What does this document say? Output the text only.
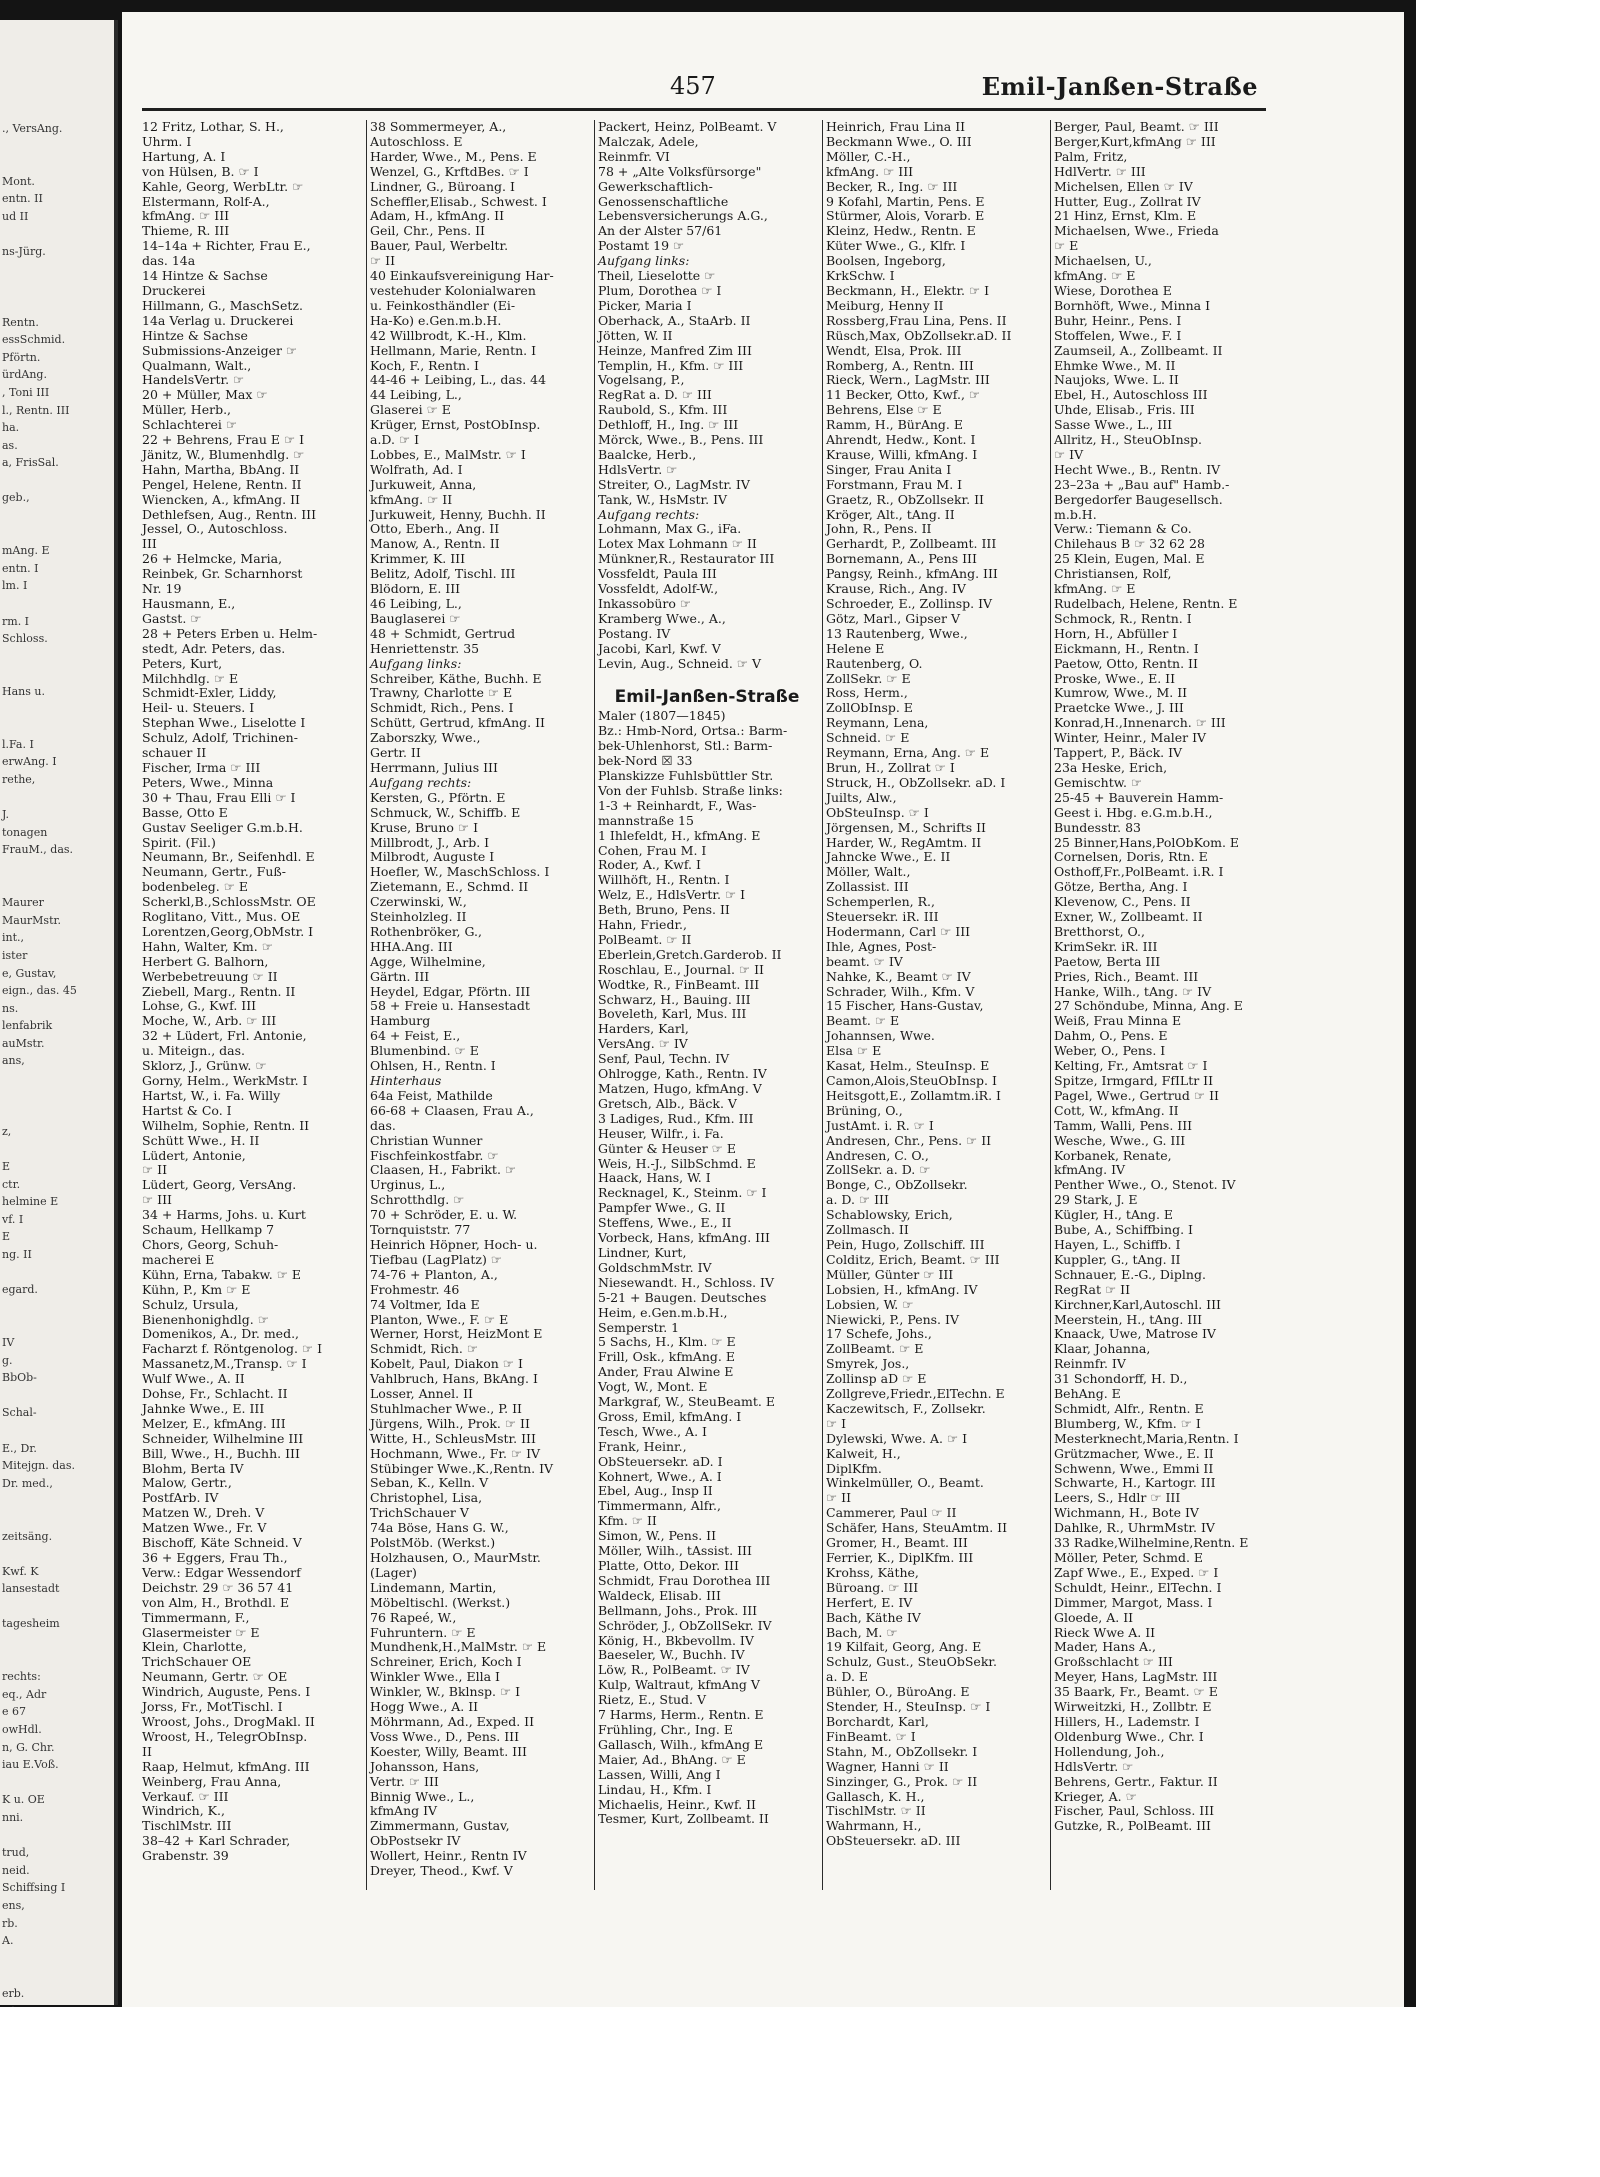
., VersAng.

Mont.
entn. II
ud II

ns-Jürg.

Rentn.
essSchmid.
Pförtn.
ürdAng.
, Toni III
l., Rentn. III
ha.
as.
a, FrisSal.

geb.,

mAng. E
entn. I
lm. I

rm. I
Schloss.

Hans u.

l.Fa. I
erwAng. I
rethe,

J.
tonagen
FrauM., das.

Maurer
MaurMstr.
int.,
ister
e, Gustav,
eign., das. 45
ns.
lenfabrik
auMstr.
ans,

z,

E
ctr.
helmine E
vf. I
E
ng. II

egard.

IV
g.
BbOb-

Schal-

E., Dr.
Mitejgn. das.
Dr. med.,

zeitsäng.

Kwf. K
lansestadt

tagesheim

rechts:
eq., Adr
e 67
owHdl.
n, G. Chr.
iau E.Voß.

K u. OE
nni.

trud,
neid.
Schiffsing I
ens,
rb.
A.

erb.

457	Emil-Janßen-Straße
12 Fritz, Lothar, S. H.,
Uhrm. I
Hartung, A. I
von Hülsen, B. ☞ I
Kahle, Georg, WerbLtr. ☞
Elstermann, Rolf-A.,
kfmAng. ☞ III
Thieme, R. III
14–14a + Richter, Frau E.,
das. 14a
14 Hintze & Sachse
Druckerei
Hillmann, G., MaschSetz.
14a Verlag u. Druckerei
Hintze & Sachse
Submissions-Anzeiger ☞
Qualmann, Walt.,
HandelsVertr. ☞
20 + Müller, Max ☞
Müller, Herb.,
Schlachterei ☞
22 + Behrens, Frau E ☞ I
Jänitz, W., Blumenhdlg. ☞
Hahn, Martha, BbAng. II
Pengel, Helene, Rentn. II
Wiencken, A., kfmAng. II
Dethlefsen, Aug., Rentn. III
Jessel, O., Autoschloss.
III
26 + Helmcke, Maria,
Reinbek, Gr. Scharnhorst
Nr. 19
Hausmann, E.,
Gastst. ☞
28 + Peters Erben u. Helm-
stedt, Adr. Peters, das.
Peters, Kurt,
Milchhdlg. ☞ E
Schmidt-Exler, Liddy,
Heil- u. Steuers. I
Stephan Wwe., Liselotte I
Schulz, Adolf, Trichinen-
schauer II
Fischer, Irma ☞ III
Peters, Wwe., Minna
30 + Thau, Frau Elli ☞ I
Basse, Otto E
Gustav Seeliger G.m.b.H.
Spirit. (Fil.)
Neumann, Br., Seifenhdl. E
Neumann, Gertr., Fuß-
bodenbeleg. ☞ E
Scherkl,B.,SchlossMstr. OE
Roglitano, Vitt., Mus. OE
Lorentzen,Georg,ObMstr. I
Hahn, Walter, Km. ☞
Herbert G. Balhorn,
Werbebetreuung ☞ II
Ziebell, Marg., Rentn. II
Lohse, G., Kwf. III
Moche, W., Arb. ☞ III
32 + Lüdert, Frl. Antonie,
u. Miteign., das.
Sklorz, J., Grünw. ☞
Gorny, Helm., WerkMstr. I
Hartst, W., i. Fa. Willy
Hartst & Co. I
Wilhelm, Sophie, Rentn. II
Schütt Wwe., H. II
Lüdert, Antonie,
☞ II
Lüdert, Georg, VersAng.
☞ III
34 + Harms, Johs. u. Kurt
Schaum, Hellkamp 7
Chors, Georg, Schuh-
macherei E
Kühn, Erna, Tabakw. ☞ E
Kühn, P., Km ☞ E
Schulz, Ursula,
Bienenhonighdlg. ☞
Domenikos, A., Dr. med.,
Facharzt f. Röntgenolog. ☞ I
Massanetz,M.,Transp. ☞ I
Wulf Wwe., A. II
Dohse, Fr., Schlacht. II
Jahnke Wwe., E. III
Melzer, E., kfmAng. III
Schneider, Wilhelmine III
Bill, Wwe., H., Buchh. III
Blohm, Berta IV
Malow, Gertr.,
PostfArb. IV
Matzen W., Dreh. V
Matzen Wwe., Fr. V
Bischoff, Käte Schneid. V
36 + Eggers, Frau Th.,
Verw.: Edgar Wessendorf
Deichstr. 29 ☞ 36 57 41
von Alm, H., Brothdl. E
Timmermann, F.,
Glasermeister ☞ E
Klein, Charlotte,
TrichSchauer OE
Neumann, Gertr. ☞ OE
Windrich, Auguste, Pens. I
Jorss, Fr., MotTischl. I
Wroost, Johs., DrogMakl. II
Wroost, H., TelegrObInsp.
II
Raap, Helmut, kfmAng. III
Weinberg, Frau Anna,
Verkauf. ☞ III
Windrich, K.,
TischlMstr. III
38–42 + Karl Schrader,
Grabenstr. 39
38 Sommermeyer, A.,
Autoschloss. E
Harder, Wwe., M., Pens. E
Wenzel, G., KrftdBes. ☞ I
Lindner, G., Büroang. I
Scheffler,Elisab., Schwest. I
Adam, H., kfmAng. II
Geil, Chr., Pens. II
Bauer, Paul, Werbeltr.
☞ II
40 Einkaufsvereinigung Har-
vestehuder Kolonialwaren
u. Feinkosthändler (Ei-
Ha-Ko) e.Gen.m.b.H.
42 Willbrodt, K.-H., Klm.
Hellmann, Marie, Rentn. I
Koch, F., Rentn. I
44-46 + Leibing, L., das. 44
44 Leibing, L.,
Glaserei ☞ E
Krüger, Ernst, PostObInsp.
a.D. ☞ I
Lobbes, E., MalMstr. ☞ I
Wolfrath, Ad. I
Jurkuweit, Anna,
kfmAng. ☞ II
Jurkuweit, Henny, Buchh. II
Otto, Eberh., Ang. II
Manow, A., Rentn. II
Krimmer, K. III
Belitz, Adolf, Tischl. III
Blödorn, E. III
46 Leibing, L.,
Bauglaserei ☞
48 + Schmidt, Gertrud
Henriettenstr. 35
Aufgang links:
Schreiber, Käthe, Buchh. E
Trawny, Charlotte ☞ E
Schmidt, Rich., Pens. I
Schütt, Gertrud, kfmAng. II
Zaborszky, Wwe.,
Gertr. II
Herrmann, Julius III
Aufgang rechts:
Kersten, G., Pförtn. E
Schmuck, W., Schiffb. E
Kruse, Bruno ☞ I
Millbrodt, J., Arb. I
Milbrodt, Auguste I
Hoefler, W., MaschSchloss. I
Zietemann, E., Schmd. II
Czerwinski, W.,
Steinholzleg. II
Rothenbröker, G.,
HHA.Ang. III
Agge, Wilhelmine,
Gärtn. III
Heydel, Edgar, Pförtn. III
58 + Freie u. Hansestadt
Hamburg
64 + Feist, E.,
Blumenbind. ☞ E
Ohlsen, H., Rentn. I
Hinterhaus
64a Feist, Mathilde
66-68 + Claasen, Frau A.,
das.
Christian Wunner
Fischfeinkostfabr. ☞
Claasen, H., Fabrikt. ☞
Urginus, L.,
Schrotthdlg. ☞
70 + Schröder, E. u. W.
Tornquiststr. 77
Heinrich Höpner, Hoch- u.
Tiefbau (LagPlatz) ☞
74-76 + Planton, A.,
Frohmestr. 46
74 Voltmer, Ida E
Planton, Wwe., F. ☞ E
Werner, Horst, HeizMont E
Schmidt, Rich. ☞
Kobelt, Paul, Diakon ☞ I
Vahlbruch, Hans, BkAng. I
Losser, Annel. II
Stuhlmacher Wwe., P. II
Jürgens, Wilh., Prok. ☞ II
Witte, H., SchleusMstr. III
Hochmann, Wwe., Fr. ☞ IV
Stübinger Wwe.,K.,Rentn. IV
Seban, K., Kelln. V
Christophel, Lisa,
TrichSchauer V
74a Böse, Hans G. W.,
PolstMöb. (Werkst.)
Holzhausen, O., MaurMstr.
(Lager)
Lindemann, Martin,
Möbeltischl. (Werkst.)
76 Rapeé, W.,
Fuhruntern. ☞ E
Mundhenk,H.,MalMstr. ☞ E
Schreiner, Erich, Koch I
Winkler Wwe., Ella I
Winkler, W., Bklnsp. ☞ I
Hogg Wwe., A. II
Möhrmann, Ad., Exped. II
Voss Wwe., D., Pens. III
Koester, Willy, Beamt. III
Johansson, Hans,
Vertr. ☞ III
Binnig Wwe., L.,
kfmAng IV
Zimmermann, Gustav,
ObPostsekr IV
Wollert, Heinr., Rentn IV
Dreyer, Theod., Kwf. V
Packert, Heinz, PolBeamt. V
Malczak, Adele,
Reinmfr. VI
78 + „Alte Volksfürsorge"
Gewerkschaftlich-
Genossenschaftliche
Lebensversicherungs A.G.,
An der Alster 57/61
Postamt 19 ☞
Aufgang links:
Theil, Lieselotte ☞
Plum, Dorothea ☞ I
Picker, Maria I
Oberhack, A., StaArb. II
Jötten, W. II
Heinze, Manfred Zim III
Templin, H., Kfm. ☞ III
Vogelsang, P.,
RegRat a. D. ☞ III
Raubold, S., Kfm. III
Dethloff, H., Ing. ☞ III
Mörck, Wwe., B., Pens. III
Baalcke, Herb.,
HdlsVertr. ☞
Streiter, O., LagMstr. IV
Tank, W., HsMstr. IV
Aufgang rechts:
Lohmann, Max G., iFa.
Lotex Max Lohmann ☞ II
Münkner,R., Restaurator III
Vossfeldt, Paula III
Vossfeldt, Adolf-W.,
Inkassobüro ☞
Kramberg Wwe., A.,
Postang. IV
Jacobi, Karl, Kwf. V
Levin, Aug., Schneid. ☞ V

Emil-Janßen-Straße
Maler (1807—1845)
Bz.: Hmb-Nord, Ortsa.: Barm-
bek-Uhlenhorst, Stl.: Barm-
bek-Nord ☒ 33
Planskizze Fuhlsbüttler Str.
Von der Fuhlsb. Straße links:
1-3 + Reinhardt, F., Was-
mannstraße 15
1 Ihlefeldt, H., kfmAng. E
Cohen, Frau M. I
Roder, A., Kwf. I
Willhöft, H., Rentn. I
Welz, E., HdlsVertr. ☞ I
Beth, Bruno, Pens. II
Hahn, Friedr.,
PolBeamt. ☞ II
Eberlein,Gretch.Garderob. II
Roschlau, E., Journal. ☞ II
Wodtke, R., FinBeamt. III
Schwarz, H., Bauing. III
Boveleth, Karl, Mus. III
Harders, Karl,
VersAng. ☞ IV
Senf, Paul, Techn. IV
Ohlrogge, Kath., Rentn. IV
Matzen, Hugo, kfmAng. V
Gretsch, Alb., Bäck. V
3 Ladiges, Rud., Kfm. III
Heuser, Wilfr., i. Fa.
Günter & Heuser ☞ E
Weis, H.-J., SilbSchmd. E
Haack, Hans, W. I
Recknagel, K., Steinm. ☞ I
Pampfer Wwe., G. II
Steffens, Wwe., E., II
Vorbeck, Hans, kfmAng. III
Lindner, Kurt,
GoldschmMstr. IV
Niesewandt. H., Schloss. IV
5-21 + Baugen. Deutsches
Heim, e.Gen.m.b.H.,
Semperstr. 1
5 Sachs, H., Klm. ☞ E
Frill, Osk., kfmAng. E
Ander, Frau Alwine E
Vogt, W., Mont. E
Markgraf, W., SteuBeamt. E
Gross, Emil, kfmAng. I
Tesch, Wwe., A. I
Frank, Heinr.,
ObSteuersekr. aD. I
Kohnert, Wwe., A. I
Ebel, Aug., Insp II
Timmermann, Alfr.,
Kfm. ☞ II
Simon, W., Pens. II
Möller, Wilh., tAssist. III
Platte, Otto, Dekor. III
Schmidt, Frau Dorothea III
Waldeck, Elisab. III
Bellmann, Johs., Prok. III
Schröder, J., ObZollSekr. IV
König, H., Bkbevollm. IV
Baeseler, W., Buchh. IV
Löw, R., PolBeamt. ☞ IV
Kulp, Waltraut, kfmAng V
Rietz, E., Stud. V
7 Harms, Herm., Rentn. E
Frühling, Chr., Ing. E
Gallasch, Wilh., kfmAng E
Maier, Ad., BhAng. ☞ E
Lassen, Willi, Ang I
Lindau, H., Kfm. I
Michaelis, Heinr., Kwf. II
Tesmer, Kurt, Zollbeamt. II
Heinrich, Frau Lina II
Beckmann Wwe., O. III
Möller, C.-H.,
kfmAng. ☞ III
Becker, R., Ing. ☞ III
9 Kofahl, Martin, Pens. E
Stürmer, Alois, Vorarb. E
Kleinz, Hedw., Rentn. E
Küter Wwe., G., Klfr. I
Boolsen, Ingeborg,
KrkSchw. I
Beckmann, H., Elektr. ☞ I
Meiburg, Henny II
Rossberg,Frau Lina, Pens. II
Rüsch,Max, ObZollsekr.aD. II
Wendt, Elsa, Prok. III
Romberg, A., Rentn. III
Rieck, Wern., LagMstr. III
11 Becker, Otto, Kwf., ☞
Behrens, Else ☞ E
Ramm, H., BürAng. E
Ahrendt, Hedw., Kont. I
Krause, Willi, kfmAng. I
Singer, Frau Anita I
Forstmann, Frau M. I
Graetz, R., ObZollsekr. II
Kröger, Alt., tAng. II
John, R., Pens. II
Gerhardt, P., Zollbeamt. III
Bornemann, A., Pens III
Pangsy, Reinh., kfmAng. III
Krause, Rich., Ang. IV
Schroeder, E., Zollinsp. IV
Götz, Marl., Gipser V
13 Rautenberg, Wwe.,
Helene E
Rautenberg, O.
ZollSekr. ☞ E
Ross, Herm.,
ZollObInsp. E
Reymann, Lena,
Schneid. ☞ E
Reymann, Erna, Ang. ☞ E
Brun, H., Zollrat ☞ I
Struck, H., ObZollsekr. aD. I
Juilts, Alw.,
ObSteuInsp. ☞ I
Jörgensen, M., Schrifts II
Harder, W., RegAmtm. II
Jahncke Wwe., E. II
Möller, Walt.,
Zollassist. III
Schemperlen, R.,
Steuersekr. iR. III
Hodermann, Carl ☞ III
Ihle, Agnes, Post-
beamt. ☞ IV
Nahke, K., Beamt ☞ IV
Schrader, Wilh., Kfm. V
15 Fischer, Hans-Gustav,
Beamt. ☞ E
Johannsen, Wwe.
Elsa ☞ E
Kasat, Helm., SteuInsp. E
Camon,Alois,SteuObInsp. I
Heitsgott,E., Zollamtm.iR. I
Brüning, O.,
JustAmt. i. R. ☞ I
Andresen, Chr., Pens. ☞ II
Andresen, C. O.,
ZollSekr. a. D. ☞
Bonge, C., ObZollsekr.
a. D. ☞ III
Schablowsky, Erich,
Zollmasch. II
Pein, Hugo, Zollschiff. III
Colditz, Erich, Beamt. ☞ III
Müller, Günter ☞ III
Lobsien, H., kfmAng. IV
Lobsien, W. ☞
Niewicki, P., Pens. IV
17 Schefe, Johs.,
ZollBeamt. ☞ E
Smyrek, Jos.,
Zollinsp aD ☞ E
Zollgreve,Friedr.,ElTechn. E
Kaczewitsch, F., Zollsekr.
☞ I
Dylewski, Wwe. A. ☞ I
Kalweit, H.,
DiplKfm.
Winkelmüller, O., Beamt.
☞ II
Cammerer, Paul ☞ II
Schäfer, Hans, SteuAmtm. II
Gromer, H., Beamt. III
Ferrier, K., DiplKfm. III
Krohss, Käthe,
Büroang. ☞ III
Herfert, E. IV
Bach, Käthe IV
Bach, M. ☞
19 Kilfait, Georg, Ang. E
Schulz, Gust., SteuObSekr.
a. D. E
Bühler, O., BüroAng. E
Stender, H., SteuInsp. ☞ I
Borchardt, Karl,
FinBeamt. ☞ I
Stahn, M., ObZollsekr. I
Wagner, Hanni ☞ II
Sinzinger, G., Prok. ☞ II
Gallasch, K. H.,
TischlMstr. ☞ II
Wahrmann, H.,
ObSteuersekr. aD. III
Berger, Paul, Beamt. ☞ III
Berger,Kurt,kfmAng ☞ III
Palm, Fritz,
HdlVertr. ☞ III
Michelsen, Ellen ☞ IV
Hutter, Eug., Zollrat IV
21 Hinz, Ernst, Klm. E
Michaelsen, Wwe., Frieda
☞ E
Michaelsen, U.,
kfmAng. ☞ E
Wiese, Dorothea E
Bornhöft, Wwe., Minna I
Buhr, Heinr., Pens. I
Stoffelen, Wwe., F. I
Zaumseil, A., Zollbeamt. II
Ehmke Wwe., M. II
Naujoks, Wwe. L. II
Ebel, H., Autoschloss III
Uhde, Elisab., Fris. III
Sasse Wwe., L., III
Allritz, H., SteuObInsp.
☞ IV
Hecht Wwe., B., Rentn. IV
23–23a + „Bau auf" Hamb.-
Bergedorfer Baugesellsch.
m.b.H.
Verw.: Tiemann & Co.
Chilehaus B ☞ 32 62 28
25 Klein, Eugen, Mal. E
Christiansen, Rolf,
kfmAng. ☞ E
Rudelbach, Helene, Rentn. E
Schmock, R., Rentn. I
Horn, H., Abfüller I
Eickmann, H., Rentn. I
Paetow, Otto, Rentn. II
Proske, Wwe., E. II
Kumrow, Wwe., M. II
Praetcke Wwe., J. III
Konrad,H.,Innenarch. ☞ III
Winter, Heinr., Maler IV
Tappert, P., Bäck. IV
23a Heske, Erich,
Gemischtw. ☞
25-45 + Bauverein Hamm-
Geest i. Hbg. e.G.m.b.H.,
Bundesstr. 83
25 Binner,Hans,PolObKom. E
Cornelsen, Doris, Rtn. E
Osthoff,Fr.,PolBeamt. i.R. I
Götze, Bertha, Ang. I
Klevenow, C., Pens. II
Exner, W., Zollbeamt. II
Bretthorst, O.,
KrimSekr. iR. III
Paetow, Berta III
Pries, Rich., Beamt. III
Hanke, Wilh., tAng. ☞ IV
27 Schöndube, Minna, Ang. E
Weiß, Frau Minna E
Dahm, O., Pens. E
Weber, O., Pens. I
Kelting, Fr., Amtsrat ☞ I
Spitze, Irmgard, FfILtr II
Pagel, Wwe., Gertrud ☞ II
Cott, W., kfmAng. II
Tamm, Walli, Pens. III
Wesche, Wwe., G. III
Korbanek, Renate,
kfmAng. IV
Penther Wwe., O., Stenot. IV
29 Stark, J. E
Kügler, H., tAng. E
Bube, A., Schiffbing. I
Hayen, L., Schiffb. I
Kuppler, G., tAng. II
Schnauer, E.-G., Diplng.
RegRat ☞ II
Kirchner,Karl,Autoschl. III
Meerstein, H., tAng. III
Knaack, Uwe, Matrose IV
Klaar, Johanna,
Reinmfr. IV
31 Schondorff, H. D.,
BehAng. E
Schmidt, Alfr., Rentn. E
Blumberg, W., Kfm. ☞ I
Mesterknecht,Maria,Rentn. I
Grützmacher, Wwe., E. II
Schwenn, Wwe., Emmi II
Schwarte, H., Kartogr. III
Leers, S., Hdlr ☞ III
Wichmann, H., Bote IV
Dahlke, R., UhrmMstr. IV
33 Radke,Wilhelmine,Rentn. E
Möller, Peter, Schmd. E
Zapf Wwe., E., Exped. ☞ I
Schuldt, Heinr., ElTechn. I
Dimmer, Margot, Mass. I
Gloede, A. II
Rieck Wwe A. II
Mader, Hans A.,
Großschlacht ☞ III
Meyer, Hans, LagMstr. III
35 Baark, Fr., Beamt. ☞ E
Wirweitzki, H., Zollbtr. E
Hillers, H., Lademstr. I
Oldenburg Wwe., Chr. I
Hollendung, Joh.,
HdlsVertr. ☞
Behrens, Gertr., Faktur. II
Krieger, A. ☞
Fischer, Paul, Schloss. III
Gutzke, R., PolBeamt. III
